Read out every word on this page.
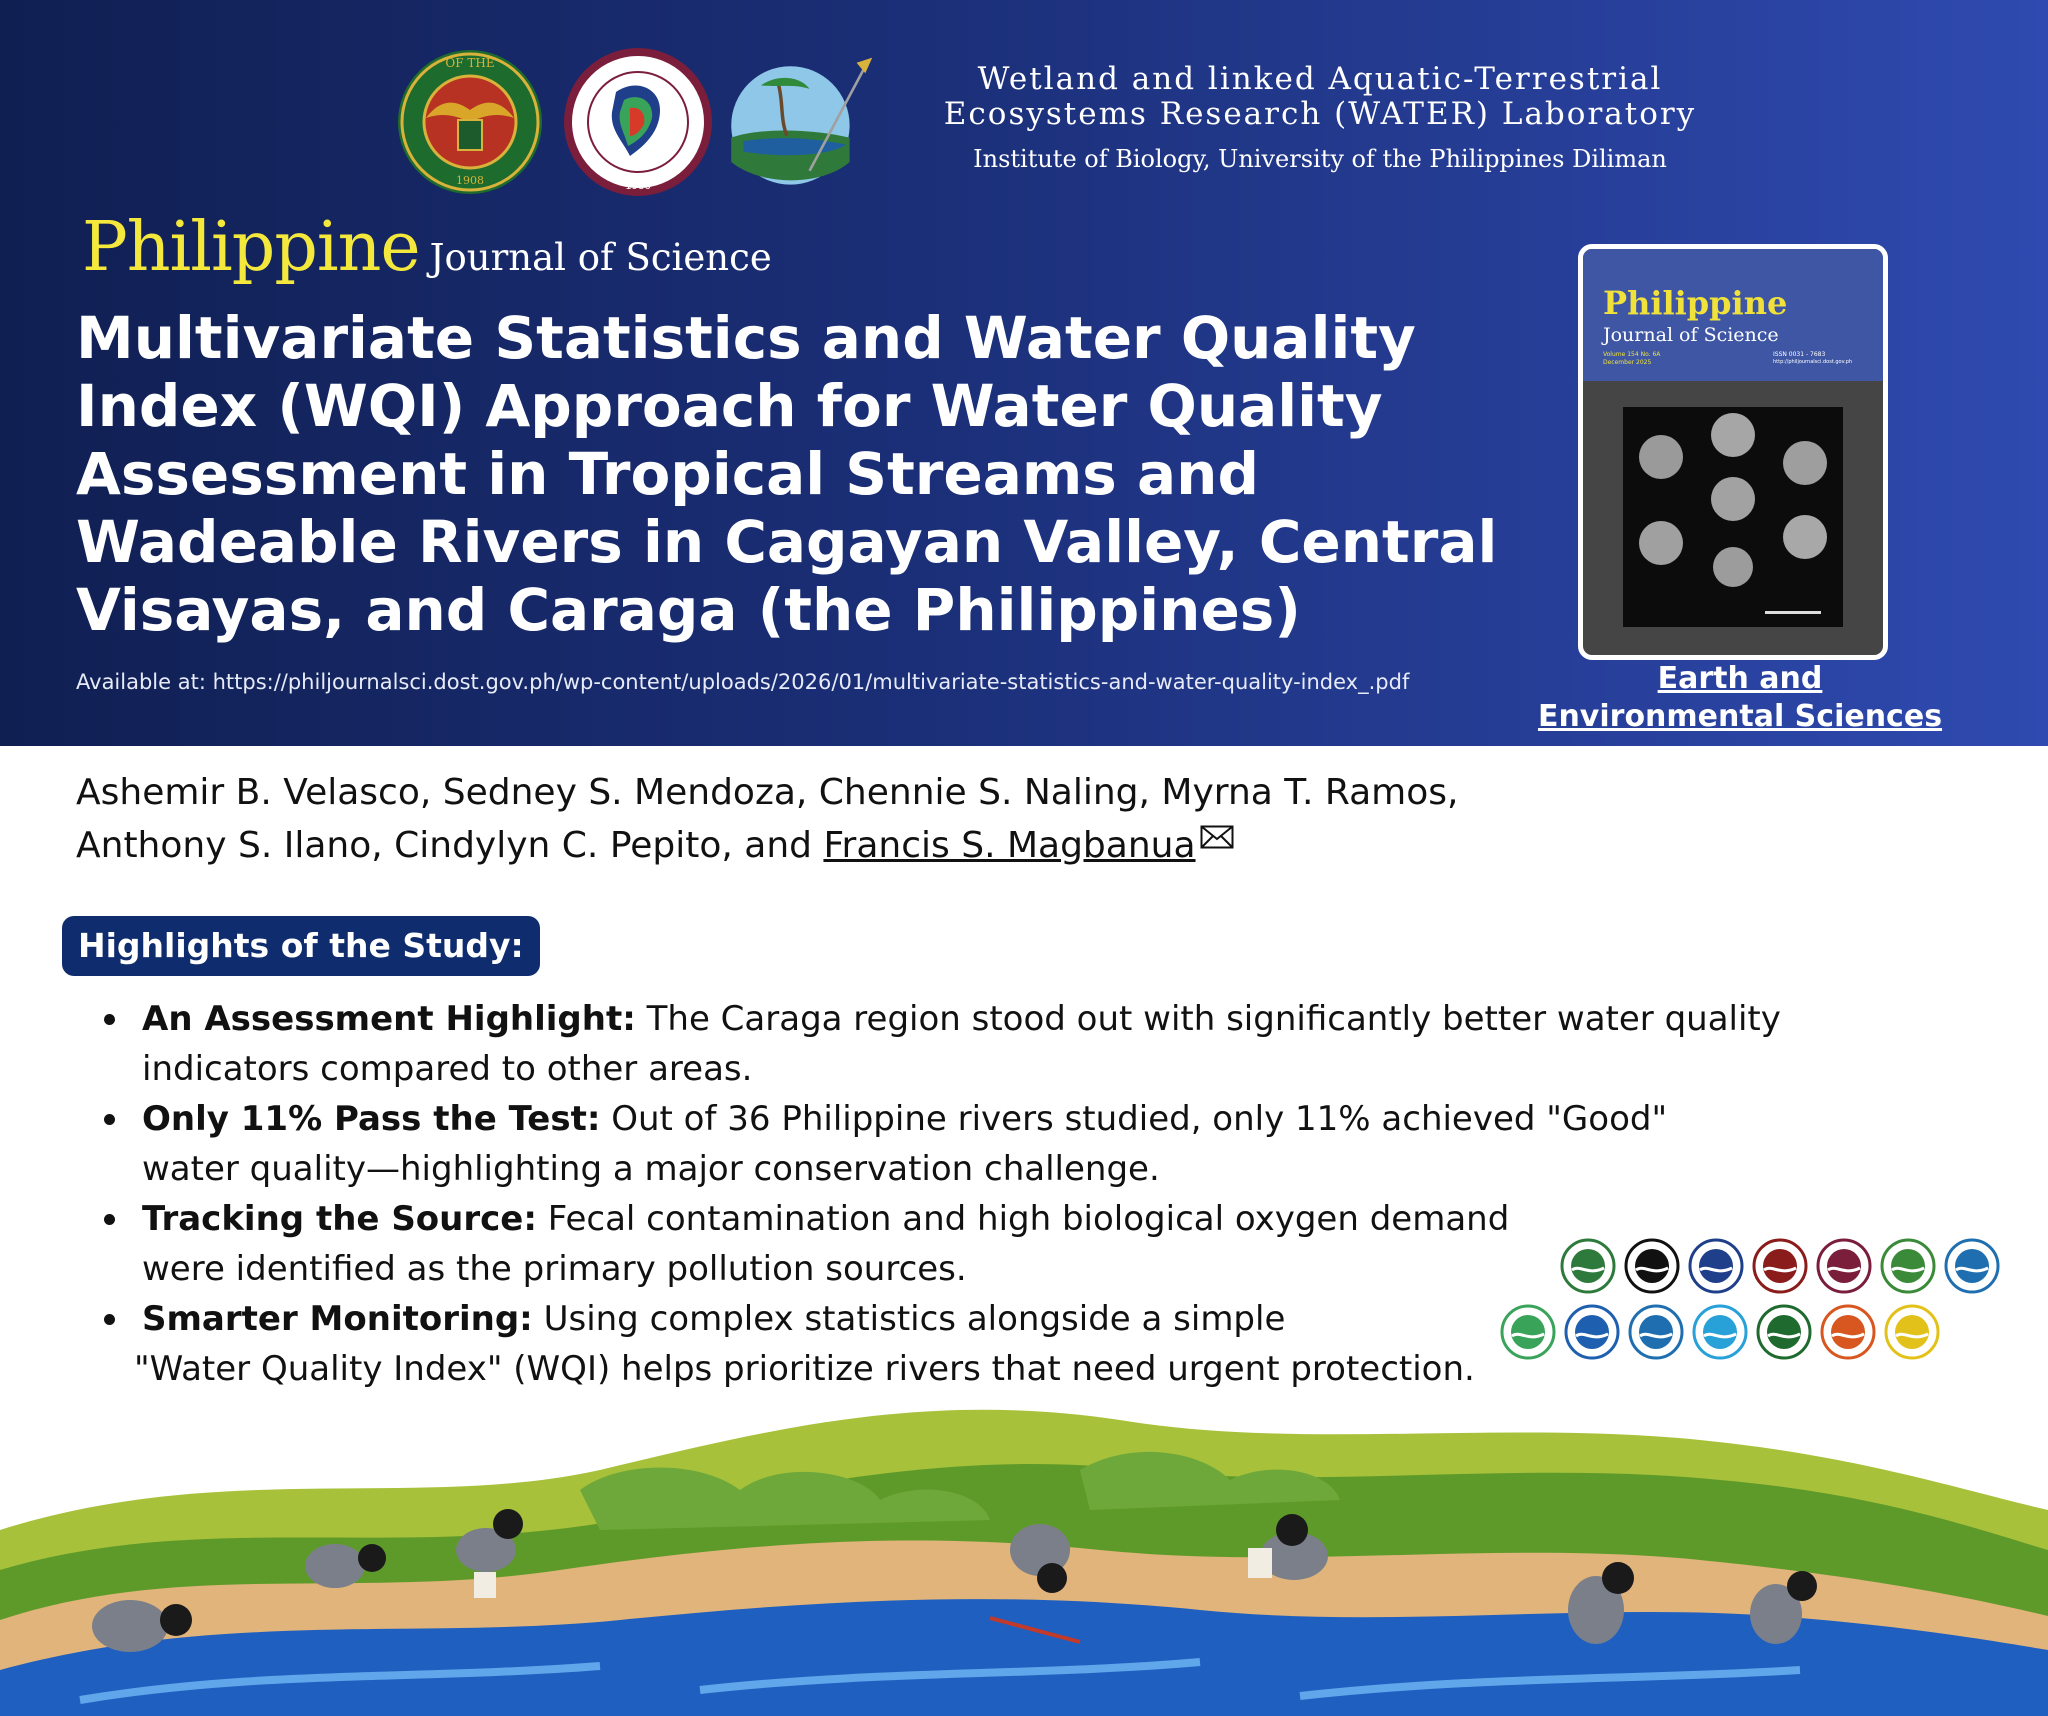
OF THE
1908	1986
Wetland and linked Aquatic-Terrestrial
Ecosystems Research (WATER) Laboratory
Institute of Biology, University of the Philippines Diliman
Philippine Journal of Science
Multivariate Statistics and Water Quality
Index (WQI) Approach for Water Quality
Assessment in Tropical Streams and
Wadeable Rivers in Cagayan Valley, Central
Visayas, and Caraga (the Philippines)
Available at: https://philjournalsci.dost.gov.ph/wp-content/uploads/2026/01/multivariate-statistics-and-water-quality-index_.pdf
Philippine
Journal of Science
Volume 154 No. 6A
December 2025
ISSN 0031 - 7683
http://philjournalsci.dost.gov.ph
Earth and
Environmental Sciences
Ashemir B. Velasco, Sedney S. Mendoza, Chennie S. Naling, Myrna T. Ramos,
Anthony S. Ilano, Cindylyn C. Pepito, and Francis S. Magbanua
Highlights of the Study:
An Assessment Highlight: The Caraga region stood out with significantly better water quality
indicators compared to other areas.
Only 11% Pass the Test: Out of 36 Philippine rivers studied, only 11% achieved "Good"
water quality—highlighting a major conservation challenge.
Tracking the Source: Fecal contamination and high biological oxygen demand
were identified as the primary pollution sources.
Smarter Monitoring: Using complex statistics alongside a simple
"Water Quality Index" (WQI) helps prioritize rivers that need urgent protection.
